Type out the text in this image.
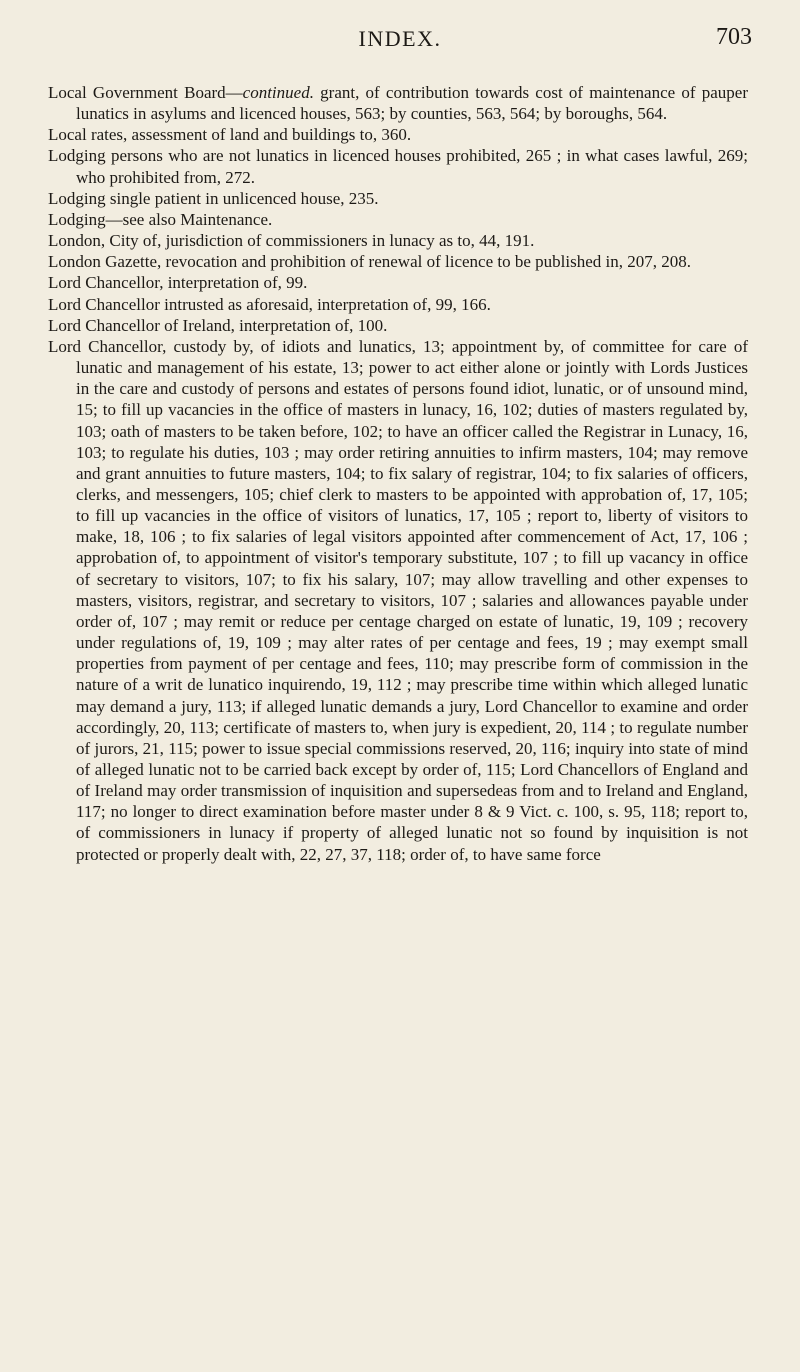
INDEX.	703

Local Government Board—continued. grant, of contribution towards cost of maintenance of pauper lunatics in asylums and licenced houses, 563; by counties, 563, 564; by boroughs, 564.

Local rates, assessment of land and buildings to, 360.

Lodging persons who are not lunatics in licenced houses prohibited, 265 ; in what cases lawful, 269; who prohibited from, 272.

Lodging single patient in unlicenced house, 235.

Lodging—see also Maintenance.

London, City of, jurisdiction of commissioners in lunacy as to, 44, 191.

London Gazette, revocation and prohibition of renewal of licence to be published in, 207, 208.

Lord Chancellor, interpretation of, 99.

Lord Chancellor intrusted as aforesaid, interpretation of, 99, 166.

Lord Chancellor of Ireland, interpretation of, 100.

Lord Chancellor, custody by, of idiots and lunatics, 13; appointment by, of committee for care of lunatic and management of his estate, 13; power to act either alone or jointly with Lords Justices in the care and custody of persons and estates of persons found idiot, lunatic, or of unsound mind, 15; to fill up vacancies in the office of masters in lunacy, 16, 102; duties of masters regulated by, 103; oath of masters to be taken before, 102; to have an officer called the Registrar in Lunacy, 16, 103; to regulate his duties, 103 ; may order retiring annuities to infirm masters, 104; may remove and grant annuities to future masters, 104; to fix salary of registrar, 104; to fix salaries of officers, clerks, and messengers, 105; chief clerk to masters to be appointed with approbation of, 17, 105; to fill up vacancies in the office of visitors of lunatics, 17, 105 ; report to, liberty of visitors to make, 18, 106 ; to fix salaries of legal visitors appointed after commencement of Act, 17, 106 ; approbation of, to appointment of visitor's temporary substitute, 107 ; to fill up vacancy in office of secretary to visitors, 107; to fix his salary, 107; may allow travelling and other expenses to masters, visitors, registrar, and secretary to visitors, 107 ; salaries and allowances payable under order of, 107 ; may remit or reduce per centage charged on estate of lunatic, 19, 109 ; recovery under regulations of, 19, 109 ; may alter rates of per centage and fees, 19 ; may exempt small properties from payment of per centage and fees, 110; may prescribe form of commission in the nature of a writ de lunatico inquirendo, 19, 112 ; may prescribe time within which alleged lunatic may demand a jury, 113; if alleged lunatic demands a jury, Lord Chancellor to examine and order accordingly, 20, 113; certificate of masters to, when jury is expedient, 20, 114 ; to regulate number of jurors, 21, 115; power to issue special commissions reserved, 20, 116; inquiry into state of mind of alleged lunatic not to be carried back except by order of, 115; Lord Chancellors of England and of Ireland may order transmission of inquisition and supersedeas from and to Ireland and England, 117; no longer to direct examination before master under 8 & 9 Vict. c. 100, s. 95, 118; report to, of commissioners in lunacy if property of alleged lunatic not so found by inquisition is not protected or properly dealt with, 22, 27, 37, 118; order of, to have same force
